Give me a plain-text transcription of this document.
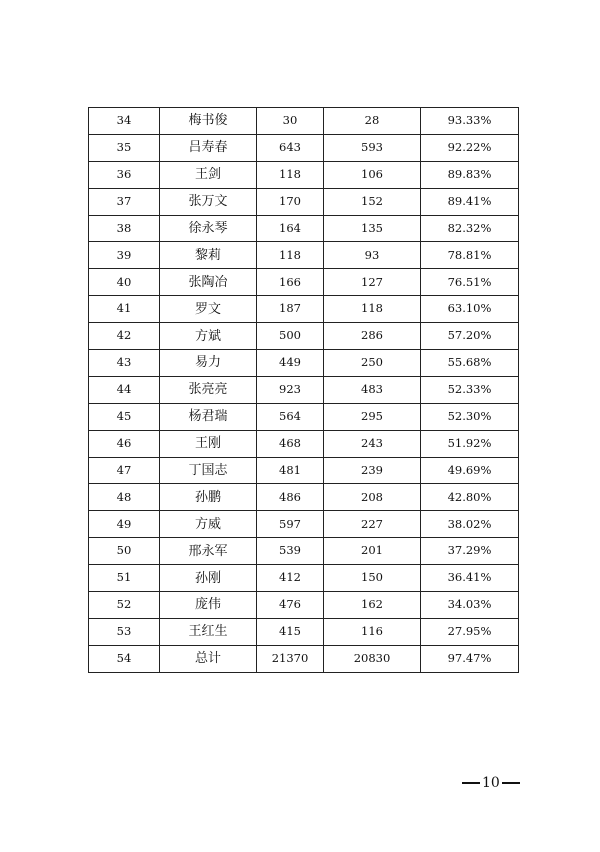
34	梅书俊	30	28	93.33%
35	吕寿春	643	593	92.22%
36	王剑	118	106	89.83%
37	张万文	170	152	89.41%
38	徐永琴	164	135	82.32%
39	黎莉	118	93	78.81%
40	张陶冶	166	127	76.51%
41	罗文	187	118	63.10%
42	方斌	500	286	57.20%
43	易力	449	250	55.68%
44	张亮亮	923	483	52.33%
45	杨君瑞	564	295	52.30%
46	王刚	468	243	51.92%
47	丁国志	481	239	49.69%
48	孙鹏	486	208	42.80%
49	方威	597	227	38.02%
50	邢永军	539	201	37.29%
51	孙刚	412	150	36.41%
52	庞伟	476	162	34.03%
53	王红生	415	116	27.95%
54	总计	21370	20830	97.47%
10
